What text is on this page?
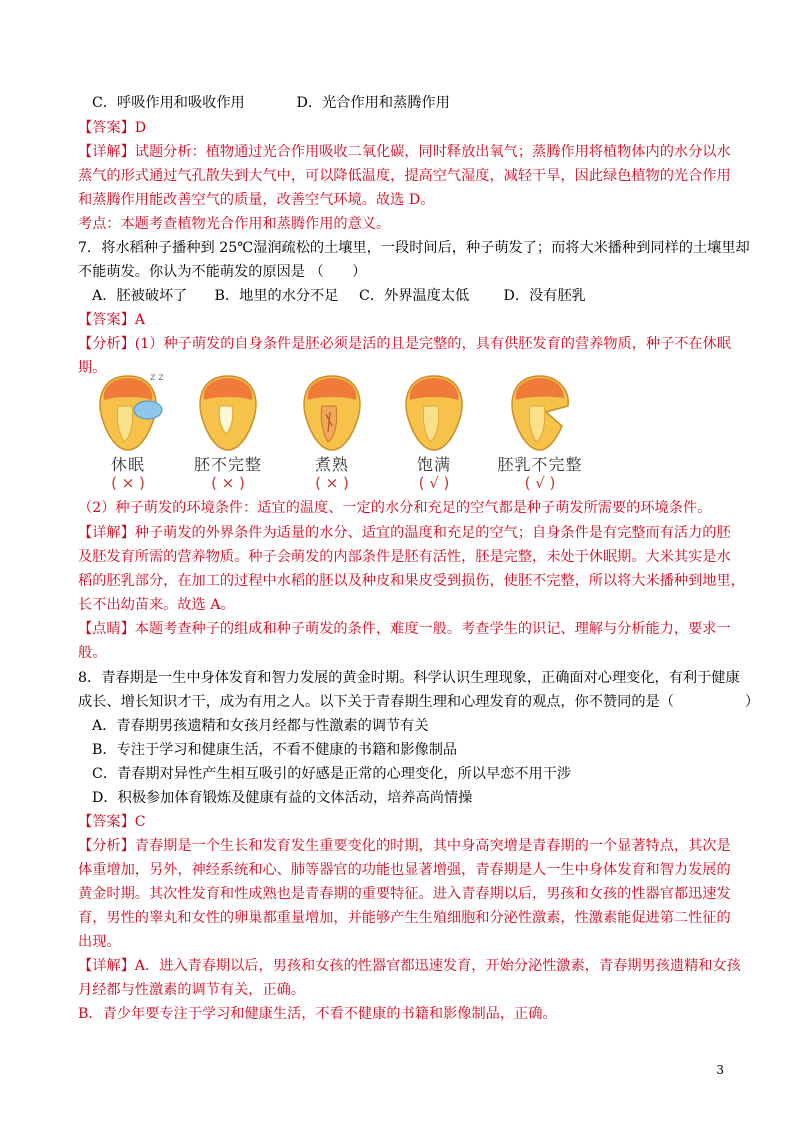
C．呼吸作用和吸收作用	D．光合作用和蒸腾作用
【答案】D
【详解】试题分析：植物通过光合作用吸收二氧化碳，同时释放出氧气；蒸腾作用将植物体内的水分以水
蒸气的形式通过气孔散失到大气中，可以降低温度，提高空气湿度，减轻干旱，因此绿色植物的光合作用
和蒸腾作用能改善空气的质量，改善空气环境。故选 D。
考点：本题考查植物光合作用和蒸腾作用的意义。
7．将水稻种子播种到 25℃湿润疏松的土壤里，一段时间后，种子萌发了；而将大米播种到同样的土壤里却
不能萌发。你认为不能萌发的原因是 （　　）
A．胚被破坏了 B．地里的水分不足 C．外界温度太低 D．没有胚乳
【答案】A
【分析】(1）种子萌发的自身条件是胚必须是活的且是完整的，具有供胚发育的营养物质，种子不在休眠
期。
z z
休眠
( × )
胚不完整
( × )
煮熟
( × )
饱满
( √ )
胚乳不完整
( √ )
（2）种子萌发的环境条件：适宜的温度、一定的水分和充足的空气都是种子萌发所需要的环境条件。
【详解】种子萌发的外界条件为适量的水分、适宜的温度和充足的空气；自身条件是有完整而有活力的胚
及胚发育所需的营养物质。种子会萌发的内部条件是胚有活性，胚是完整，未处于休眠期。大米其实是水
稻的胚乳部分，在加工的过程中水稻的胚以及种皮和果皮受到损伤，使胚不完整，所以将大米播种到地里，
长不出幼苗来。故选 A。
【点睛】本题考查种子的组成和种子萌发的条件，难度一般。考查学生的识记、理解与分析能力，要求一
般。
8．青春期是一生中身体发育和智力发展的黄金时期。科学认识生理现象，正确面对心理变化，有利于健康
成长、增长知识才干，成为有用之人。以下关于青春期生理和心理发育的观点，你不赞同的是（　　　　　）
A．青春期男孩遗精和女孩月经都与性激素的调节有关
B．专注于学习和健康生活，不看不健康的书籍和影像制品
C．青春期对异性产生相互吸引的好感是正常的心理变化，所以早恋不用干涉
D．积极参加体育锻炼及健康有益的文体活动，培养高尚情操
【答案】C
【分析】青春期是一个生长和发育发生重要变化的时期，其中身高突增是青春期的一个显著特点，其次是
体重增加，另外，神经系统和心、肺等器官的功能也显著增强，青春期是人一生中身体发育和智力发展的
黄金时期。其次性发育和性成熟也是青春期的重要特征。进入青春期以后，男孩和女孩的性器官都迅速发
育，男性的睾丸和女性的卵巢都重量增加，并能够产生生殖细胞和分泌性激素，性激素能促进第二性征的
出现。
【详解】A．进入青春期以后，男孩和女孩的性器官都迅速发育，开始分泌性激素，青春期男孩遗精和女孩
月经都与性激素的调节有关，正确。
B．青少年要专注于学习和健康生活，不看不健康的书籍和影像制品，正确。
3
